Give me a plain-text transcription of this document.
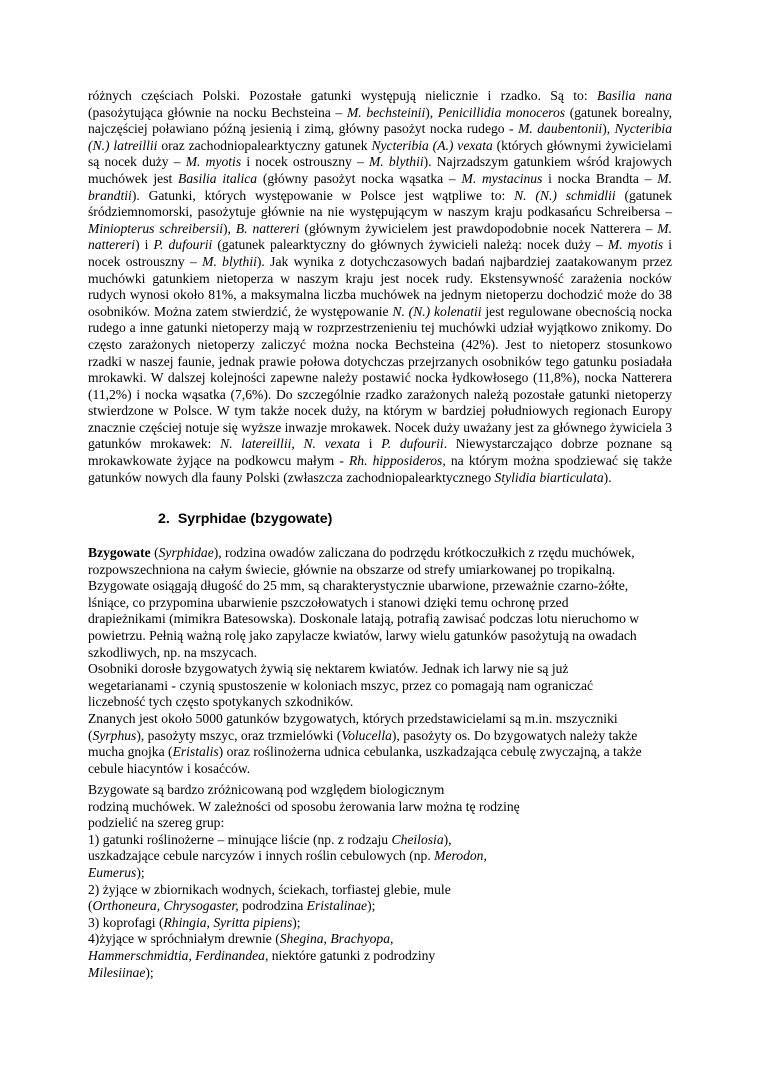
różnych częściach Polski. Pozostałe gatunki występują nielicznie i rzadko. Są to: Basilia nana (pasożytująca głównie na nocku Bechsteina – M. bechsteinii), Penicillidia monoceros (gatunek borealny, najczęściej poławiano późną jesienią i zimą, główny pasożyt nocka rudego - M. daubentonii), Nycteribia (N.) latreillii oraz zachodniopalearktyczny gatunek Nycteribia (A.) vexata (których głównymi żywicielami są nocek duży – M. myotis i nocek ostrouszny – M. blythii). Najrzadszym gatunkiem wśród krajowych muchówek jest Basilia italica (główny pasożyt nocka wąsatka – M. mystacinus i nocka Brandta – M. brandtii). Gatunki, których występowanie w Polsce jest wątpliwe to: N. (N.) schmidlii (gatunek śródziemnomorski, pasożytuje głównie na nie występującym w naszym kraju podkasańcu Schreibersa – Miniopterus schreibersii), B. nattereri (głównym żywicielem jest prawdopodobnie nocek Natterera – M. nattereri) i P. dufourii (gatunek palearktyczny do głównych żywicieli należą: nocek duży – M. myotis i nocek ostrouszny – M. blythii). Jak wynika z dotychczasowych badań najbardziej zaatakowanym przez muchówki gatunkiem nietoperza w naszym kraju jest nocek rudy. Ekstensywność zarażenia nocków rudych wynosi około 81%, a maksymalna liczba muchówek na jednym nietoperzu dochodzić może do 38 osobników. Można zatem stwierdzić, że występowanie N. (N.) kolenatii jest regulowane obecnością nocka rudego a inne gatunki nietoperzy mają w rozprzestrzenieniu tej muchówki udział wyjątkowo znikomy. Do często zarażonych nietoperzy zaliczyć można nocka Bechsteina (42%). Jest to nietoperz stosunkowo rzadki w naszej faunie, jednak prawie połowa dotychczas przejrzanych osobników tego gatunku posiadała mrokawki. W dalszej kolejności zapewne należy postawić nocka łydkowłosego (11,8%), nocka Natterera (11,2%) i nocka wąsatka (7,6%). Do szczególnie rzadko zarażonych należą pozostałe gatunki nietoperzy stwierdzone w Polsce. W tym także nocek duży, na którym w bardziej południowych regionach Europy znacznie częściej notuje się wyższe inwazje mrokawek. Nocek duży uważany jest za głównego żywiciela 3 gatunków mrokawek: N. latereillii, N. vexata i P. dufourii. Niewystarczająco dobrze poznane są mrokawkowate żyjące na podkowcu małym - Rh. hipposideros, na którym można spodziewać się także gatunków nowych dla fauny Polski (zwłaszcza zachodniopalearktycznego Stylidia biarticulata).

2. Syrphidae (bzygowate)
Bzygowate (Syrphidae), rodzina owadów zaliczana do podrzędu krótkoczułkich z rzędu muchówek,
rozpowszechniona na całym świecie, głównie na obszarze od strefy umiarkowanej po tropikalną.
Bzygowate osiągają długość do 25 mm, są charakterystycznie ubarwione, przeważnie czarno-żółte,
lśniące, co przypomina ubarwienie pszczołowatych i stanowi dzięki temu ochronę przed
drapieżnikami (mimikra Batesowska). Doskonale latają, potrafią zawisać podczas lotu nieruchomo w
powietrzu. Pełnią ważną rolę jako zapylacze kwiatów, larwy wielu gatunków pasożytują na owadach
szkodliwych, np. na mszycach.
Osobniki dorosłe bzygowatych żywią się nektarem kwiatów. Jednak ich larwy nie są już
wegetarianami - czynią spustoszenie w koloniach mszyc, przez co pomagają nam ograniczać
liczebność tych często spotykanych szkodników.
Znanych jest około 5000 gatunków bzygowatych, których przedstawicielami są m.in. mszyczniki
(Syrphus), pasożyty mszyc, oraz trzmielówki (Volucella), pasożyty os. Do bzygowatych należy także
mucha gnojka (Eristalis) oraz roślinożerna udnica cebulanka, uszkadzająca cebulę zwyczajną, a także
cebule hiacyntów i kosaćców.
Bzygowate są bardzo zróżnicowaną pod względem biologicznym
rodziną muchówek. W zależności od sposobu żerowania larw można tę rodzinę
podzielić na szereg grup:
1) gatunki roślinożerne – minujące liście (np. z rodzaju Cheilosia),
uszkadzające cebule narcyzów i innych roślin cebulowych (np. Merodon,
Eumerus);
2) żyjące w zbiornikach wodnych, ściekach, torfiastej glebie, mule
(Orthoneura, Chrysogaster, podrodzina Eristalinae);
3) koprofagi (Rhingia, Syritta pipiens);
4)żyjące w spróchniałym drewnie (Shegina, Brachyopa,
Hammerschmidtia, Ferdinandea, niektóre gatunki z podrodziny
Milesiinae);
